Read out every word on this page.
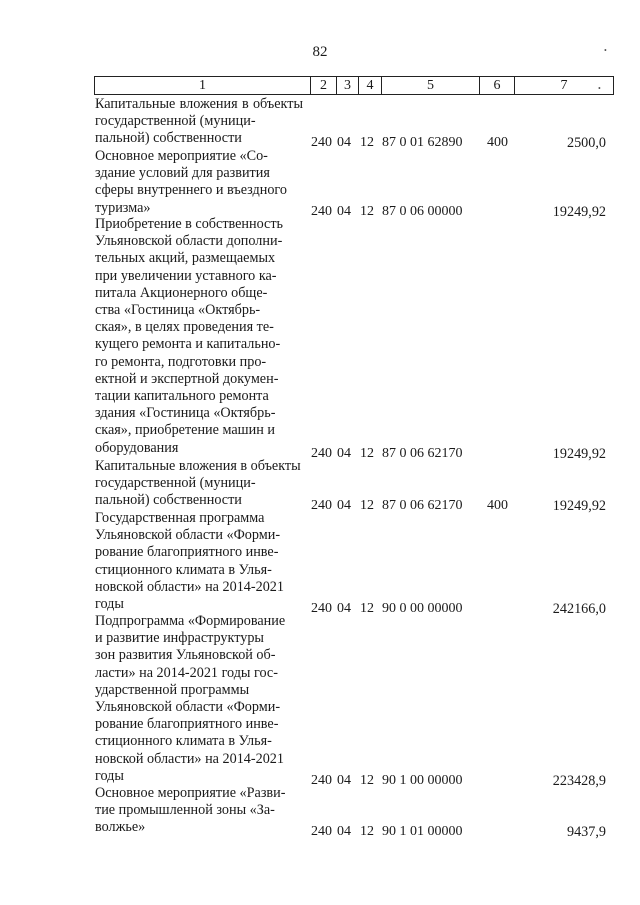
82
1	2	3	4	5	6	7	•
•
Капитальные вложения в объекты государственной (муници-
пальной) собственности	240 04 12 87 0 01 62890 400	2500,0
Основное мероприятие «Со-
здание условий для развития
сферы внутреннего и въездного
туризма»	240 04 12 87 0 06 00000	19249,92
Приобретение в собственность
Ульяновской области дополни-
тельных акций, размещаемых
при увеличении уставного ка-
питала Акционерного обще-
ства «Гостиница «Октябрь-
ская», в целях проведения те-
кущего ремонта и капитально-
го ремонта, подготовки про-
ектной и экспертной докумен-
тации капитального ремонта
здания «Гостиница «Октябрь-
ская», приобретение машин и
оборудования	240 04 12 87 0 06 62170	19249,92
Капитальные вложения в объекты
государственной (муници-
пальной) собственности	240 04 12 87 0 06 62170 400	19249,92
Государственная программа
Ульяновской области «Форми-
рование благоприятного инве-
стиционного климата в Улья-
новской области» на 2014-2021
годы	240 04 12 90 0 00 00000	242166,0
Подпрограмма «Формирование
и развитие инфраструктуры
зон развития Ульяновской об-
ласти» на 2014-2021 годы гос-
ударственной программы
Ульяновской области «Форми-
рование благоприятного инве-
стиционного климата в Улья-
новской области» на 2014-2021
годы	240 04 12 90 1 00 00000	223428,9
Основное мероприятие «Разви-
тие промышленной зоны «За-
волжье»	240 04 12 90 1 01 00000	9437,9
